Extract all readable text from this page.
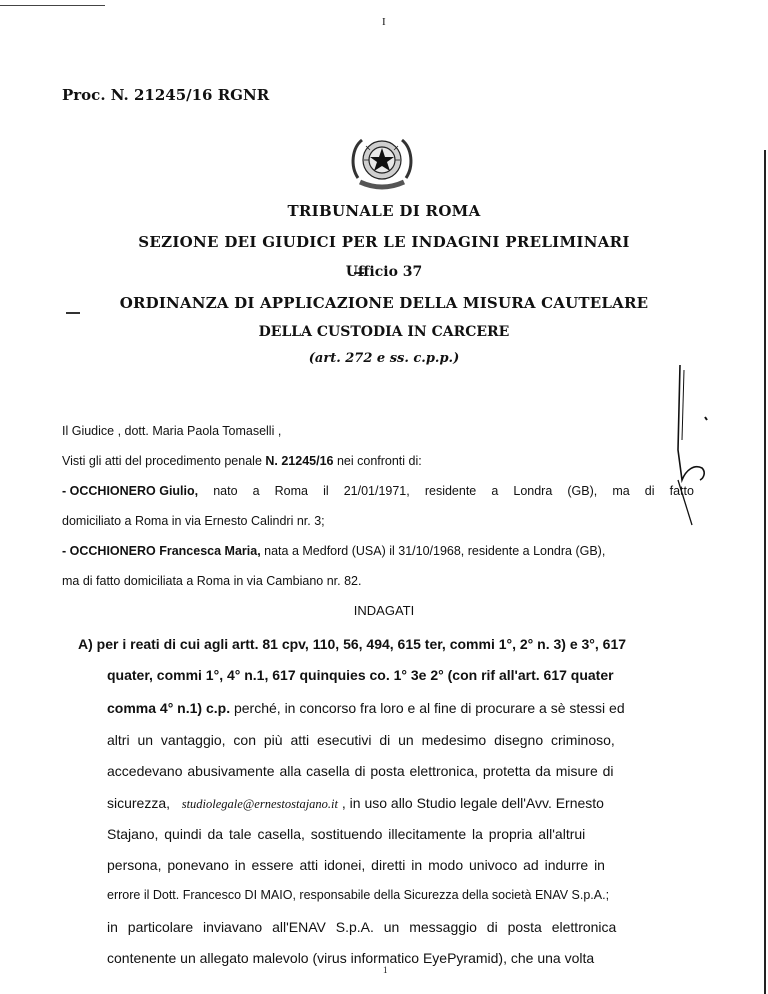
I
Proc. N. 21245/16 RGNR
TRIBUNALE DI ROMA
SEZIONE DEI GIUDICI PER LE INDAGINI PRELIMINARI
Ufficio 37
ORDINANZA DI APPLICAZIONE DELLA MISURA CAUTELARE
DELLA CUSTODIA IN CARCERE
(art. 272 e ss. c.p.p.)
Il Giudice , dott. Maria Paola Tomaselli ,
Visti gli atti del procedimento penale N. 21245/16 nei confronti di:
- OCCHIONERO Giulio, nato a Roma il 21/01/1971, residente a Londra (GB), ma di fatto
domiciliato a Roma in via Ernesto Calindri nr. 3;
- OCCHIONERO Francesca Maria, nata a Medford (USA) il 31/10/1968, residente a Londra (GB),
ma di fatto domiciliata a Roma in via Cambiano nr. 82.
INDAGATI
A) per i reati di cui agli artt. 81 cpv, 110, 56, 494, 615 ter, commi 1°, 2° n. 3) e 3°, 617
quater, commi 1°, 4° n.1, 617 quinquies co. 1° 3e 2° (con rif all'art. 617 quater
comma 4° n.1) c.p. perché, in concorso fra loro e al fine di procurare a sè stessi ed
altri un vantaggio, con più atti esecutivi di un medesimo disegno criminoso,
accedevano abusivamente alla casella di posta elettronica, protetta da misure di
sicurezza, studiolegale@ernestostajano.it , in uso allo Studio legale dell'Avv. Ernesto
Stajano, quindi da tale casella, sostituendo illecitamente la propria all'altrui
persona, ponevano in essere atti idonei, diretti in modo univoco ad indurre in
errore il Dott. Francesco DI MAIO, responsabile della Sicurezza della società ENAV S.p.A.;
in particolare inviavano all'ENAV S.p.A. un messaggio di posta elettronica
contenente un allegato malevolo (virus informatico EyePyramid), che una volta
1
